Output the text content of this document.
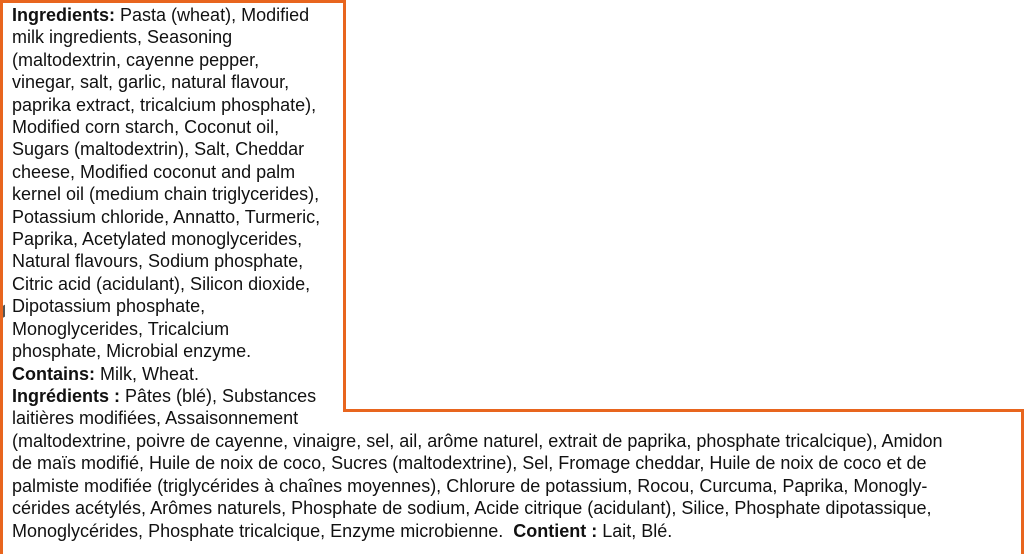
Ingredients: Pasta (wheat), Modified
milk ingredients, Seasoning
(maltodextrin, cayenne pepper,
vinegar, salt, garlic, natural flavour,
paprika extract, tricalcium phosphate),
Modified corn starch, Coconut oil,
Sugars (maltodextrin), Salt, Cheddar
cheese, Modified coconut and palm
kernel oil (medium chain triglycerides),
Potassium chloride, Annatto, Turmeric,
Paprika, Acetylated monoglycerides,
Natural flavours, Sodium phosphate,
Citric acid (acidulant), Silicon dioxide,
Dipotassium phosphate,
Monoglycerides, Tricalcium
phosphate, Microbial enzyme.
Contains: Milk, Wheat.
Ingrédients : Pâtes (blé), Substances
laitières modifiées, Assaisonnement
(maltodextrine, poivre de cayenne, vinaigre, sel, ail, arôme naturel, extrait de paprika, phosphate tricalcique), Amidon
de maïs modifié, Huile de noix de coco, Sucres (maltodextrine), Sel, Fromage cheddar, Huile de noix de coco et de
palmiste modifiée (triglycérides à chaînes moyennes), Chlorure de potassium, Rocou, Curcuma, Paprika, Monogly-
cérides acétylés, Arômes naturels, Phosphate de sodium, Acide citrique (acidulant), Silice, Phosphate dipotassique,
Monoglycérides, Phosphate tricalcique, Enzyme microbienne.  Contient : Lait, Blé.
